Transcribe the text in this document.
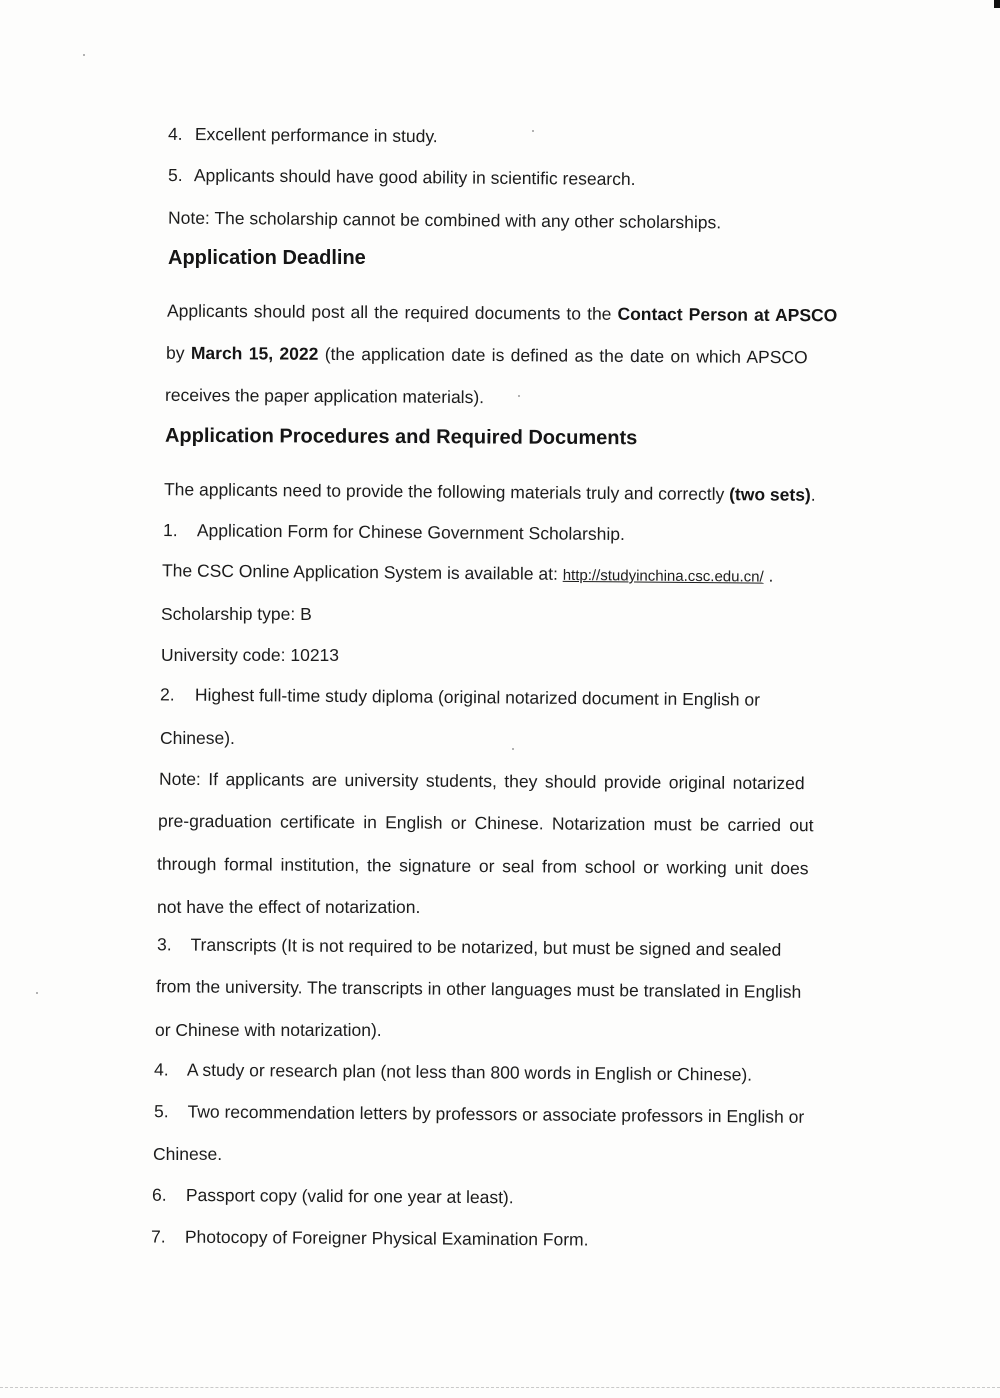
4. Excellent performance in study.
5. Applicants should have good ability in scientific research.
Note: The scholarship cannot be combined with any other scholarships.
Application Deadline
Applicants should post all the required documents to the Contact Person at APSCO
by March 15, 2022 (the application date is defined as the date on which APSCO
receives the paper application materials).
Application Procedures and Required Documents
The applicants need to provide the following materials truly and correctly (two sets).
1. Application Form for Chinese Government Scholarship.
The CSC Online Application System is available at: http://studyinchina.csc.edu.cn/ .
Scholarship type: B
University code: 10213
2. Highest full-time study diploma (original notarized document in English or
Chinese).
Note: If applicants are university students, they should provide original notarized
pre-graduation certificate in English or Chinese. Notarization must be carried out
through formal institution, the signature or seal from school or working unit does
not have the effect of notarization.
3. Transcripts (It is not required to be notarized, but must be signed and sealed
from the university. The transcripts in other languages must be translated in English
or Chinese with notarization).
4. A study or research plan (not less than 800 words in English or Chinese).
5. Two recommendation letters by professors or associate professors in English or
Chinese.
6. Passport copy (valid for one year at least).
7. Photocopy of Foreigner Physical Examination Form.
